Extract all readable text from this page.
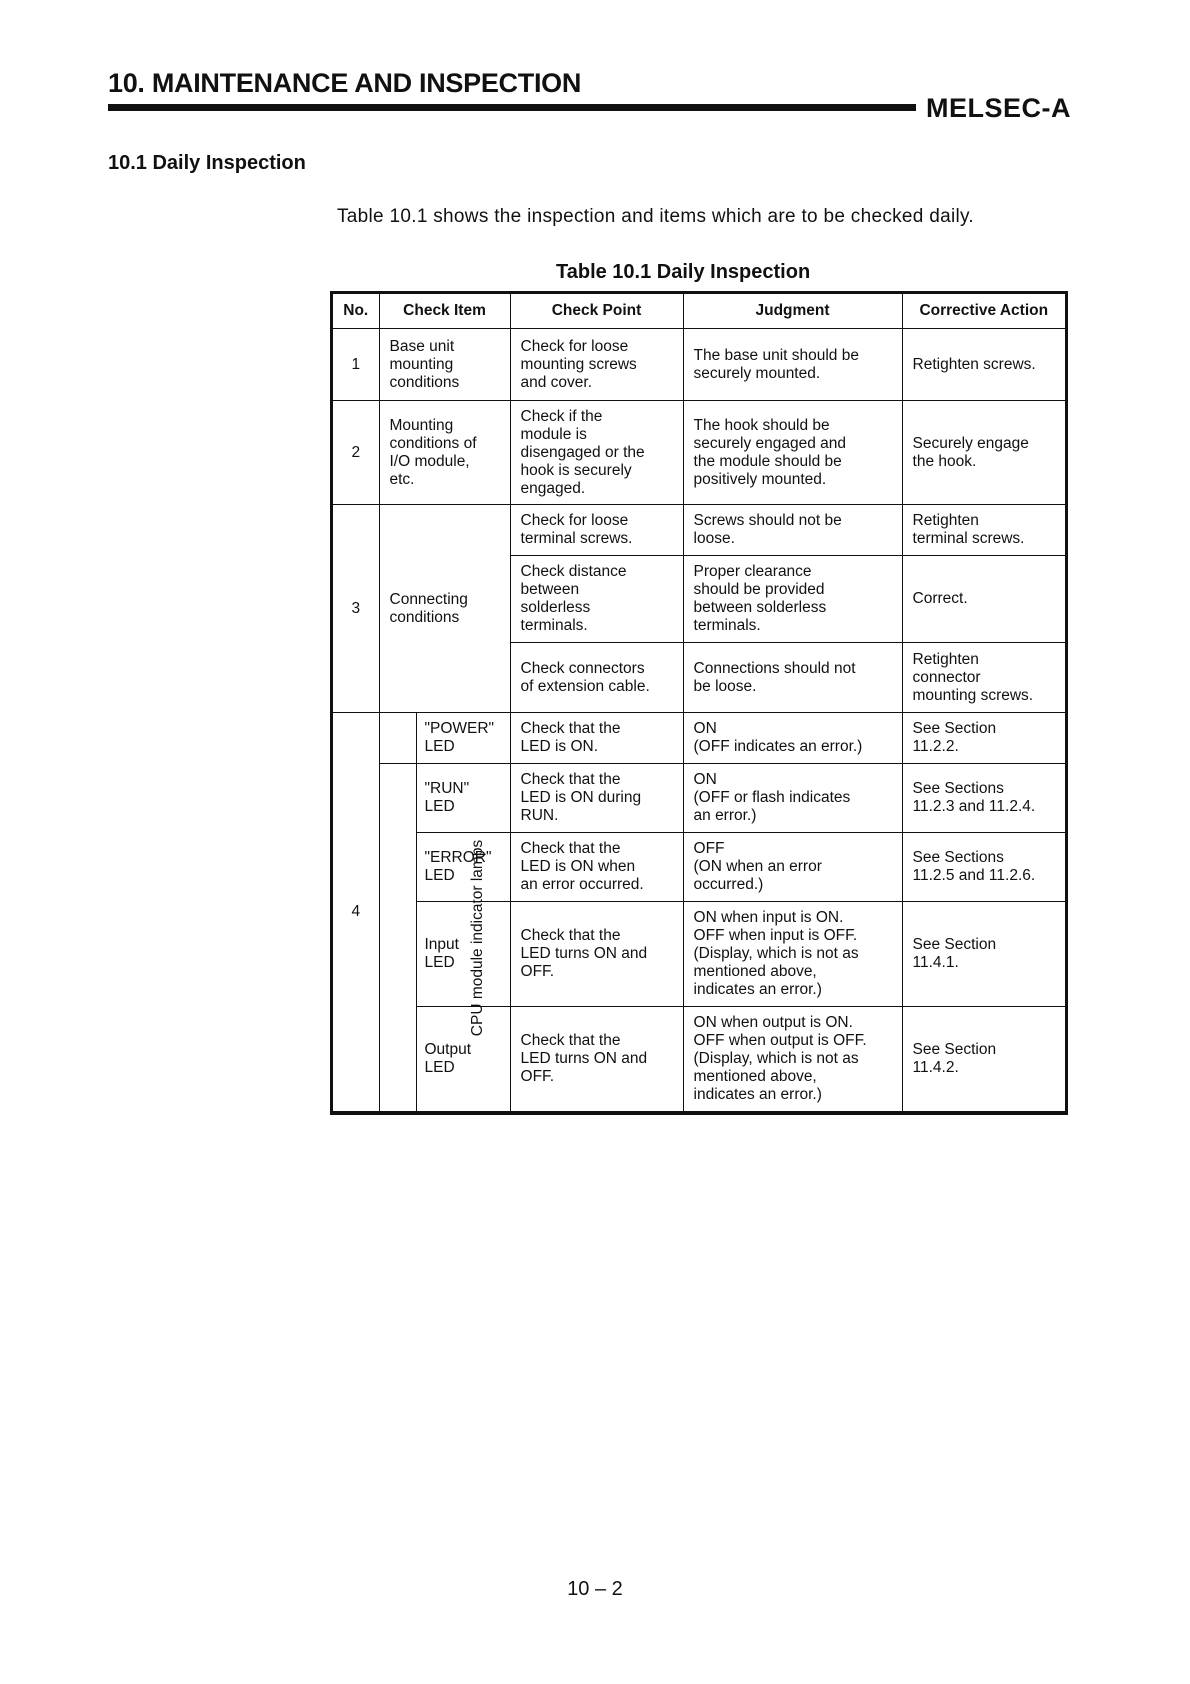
10. MAINTENANCE AND INSPECTION
MELSEC-A
10.1 Daily Inspection
Table 10.1 shows the inspection and items which are to be checked daily.
Table 10.1 Daily Inspection
No.	Check Item		Check Point	Judgment	Corrective Action
1	Base unit
mounting
conditions		Check for loose
mounting screws
and cover.	The base unit should be
securely mounted.	Retighten screws.
2	Mounting
conditions of
I/O module,
etc.		Check if the
module is
disengaged or the
hook is securely
engaged.	The hook should be
securely engaged and
the module should be
positively mounted.	Securely engage
the hook.
3	Connecting
conditions		Check for loose
terminal screws.	Screws should not be
loose.	Retighten
terminal screws.
			Check distance
between
solderless
terminals.	Proper clearance
should be provided
between solderless
terminals.	Correct.
			Check connectors
of extension cable.	Connections should not
be loose.	Retighten
connector
mounting screws.
4		"POWER"
LED	Check that the
LED is ON.	ON
(OFF indicates an error.)	See Section
11.2.2.
	CPU module indicator lamps	"RUN"
LED	Check that the
LED is ON during
RUN.	ON
(OFF or flash indicates
an error.)	See Sections
11.2.3 and 11.2.4.
		"ERROR"
LED	Check that the
LED is ON when
an error occurred.	OFF
(ON when an error
occurred.)	See Sections
11.2.5 and 11.2.6.
		Input
LED	Check that the
LED turns ON and
OFF.	ON when input is ON.
OFF when input is OFF.
(Display, which is not as
mentioned above,
indicates an error.)	See Section
11.4.1.
		Output
LED	Check that the
LED turns ON and
OFF.	ON when output is ON.
OFF when output is OFF.
(Display, which is not as
mentioned above,
indicates an error.)	See Section
11.4.2.
10 – 2
